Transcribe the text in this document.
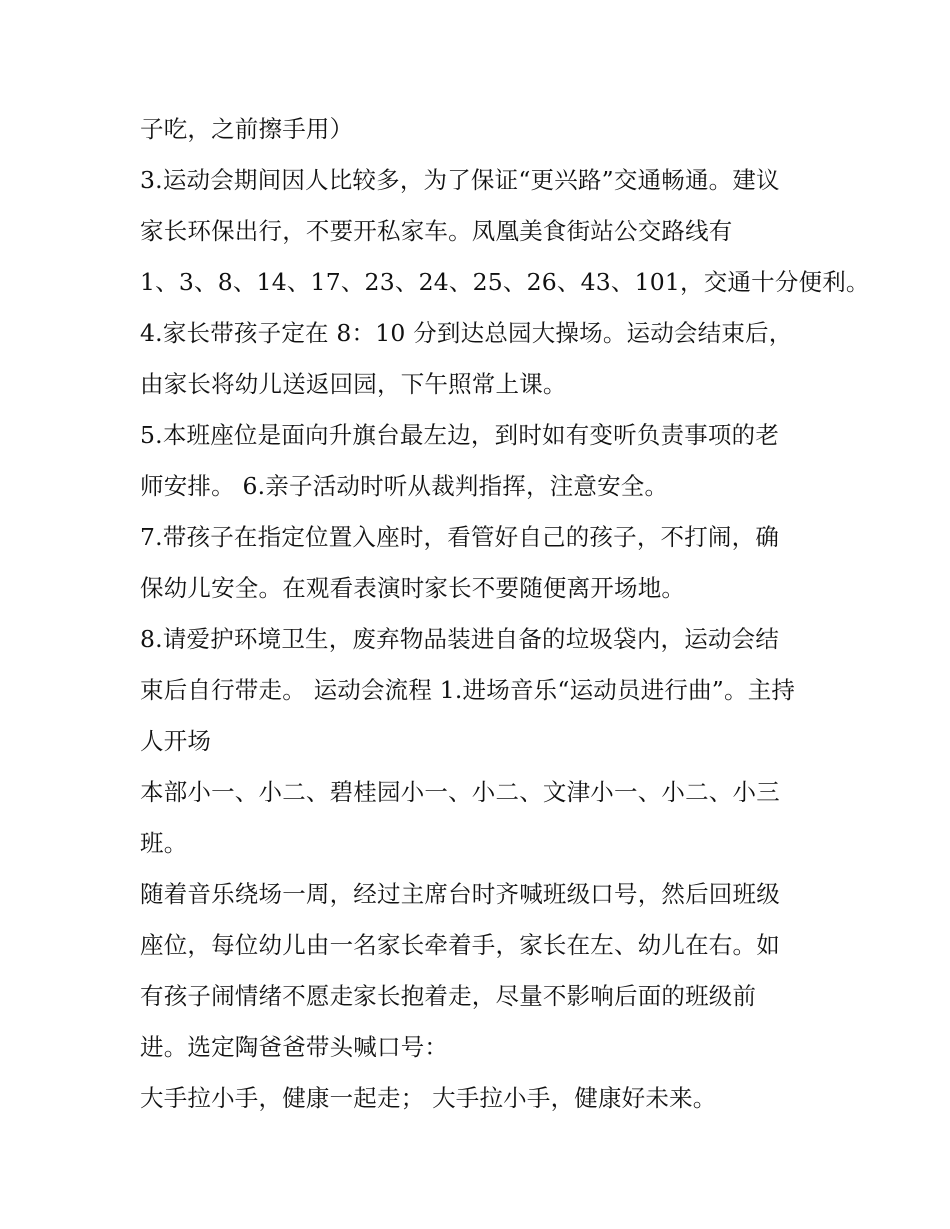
子吃，之前擦手用）
3.运动会期间因人比较多，为了保证“更兴路”交通畅通。建议
家长环保出行，不要开私家车。凤凰美食街站公交路线有
1、3、8、14、17、23、24、25、26、43、101，交通十分便利。
4.家长带孩子定在 8：10 分到达总园大操场。运动会结束后，
由家长将幼儿送返回园，下午照常上课。
5.本班座位是面向升旗台最左边，到时如有变听负责事项的老
师安排。 6.亲子活动时听从裁判指挥，注意安全。
7.带孩子在指定位置入座时，看管好自己的孩子，不打闹，确
保幼儿安全。在观看表演时家长不要随便离开场地。
8.请爱护环境卫生，废弃物品装进自备的垃圾袋内，运动会结
束后自行带走。 运动会流程 1.进场音乐“运动员进行曲”。主持
人开场
本部小一、小二、碧桂园小一、小二、文津小一、小二、小三
班。
随着音乐绕场一周，经过主席台时齐喊班级口号，然后回班级
座位，每位幼儿由一名家长牵着手，家长在左、幼儿在右。如
有孩子闹情绪不愿走家长抱着走，尽量不影响后面的班级前
进。选定陶爸爸带头喊口号：
大手拉小手，健康一起走； 大手拉小手，健康好未来。
